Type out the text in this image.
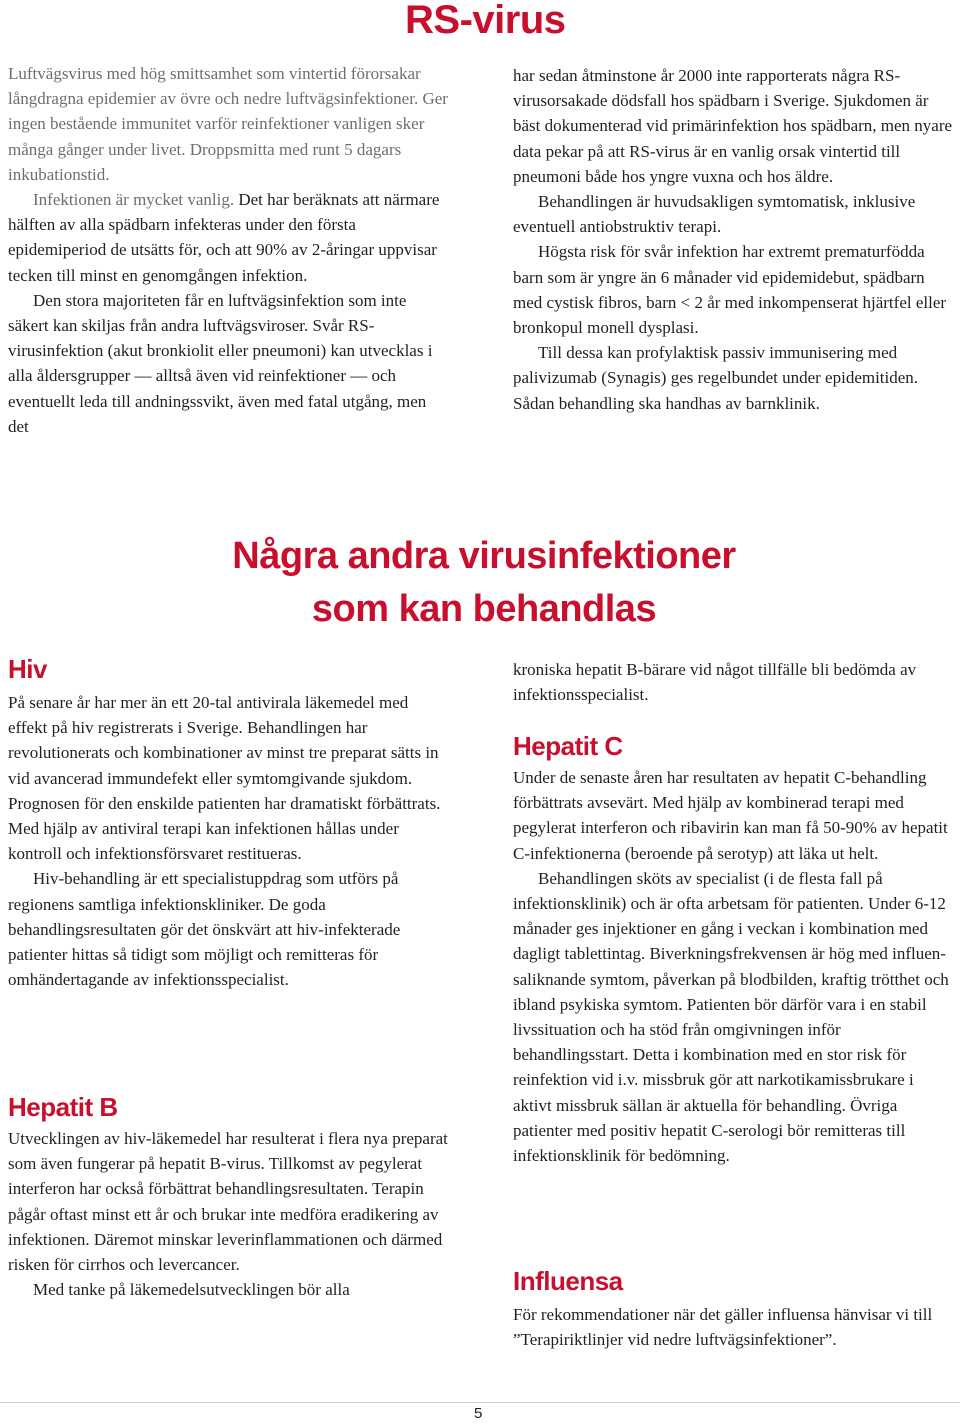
RS-virus

Luftvägsvirus med hög smittsamhet som vintertid förorsakar långdragna epidemier av övre och nedre luftvägsinfektioner. Ger ingen bestående immunitet varför reinfektioner vanligen sker många gånger under livet. Droppsmitta med runt 5 dagars inkubationstid.

Infektionen är mycket vanlig. Det har beräknats att närmare hälften av alla spädbarn infekteras under den första epidemiperiod de utsätts för, och att 90% av 2-åringar uppvisar tecken till minst en genomgången infektion.

Den stora majoriteten får en luftvägsinfektion som inte säkert kan skiljas från andra luftvägsvirоser. Svår RS-virusinfektion (akut bronkiolit eller pneumoni) kan utvecklas i alla åldersgrupper — alltså även vid reinfektioner — och eventuellt leda till andningssvikt, även med fatal utgång, men det

har sedan åtminstone år 2000 inte rapporterats några RS-virusorsakade dödsfall hos spädbarn i Sverige. Sjukdomen är bäst dokumenterad vid primärinfektion hos spädbarn, men nyare data pekar på att RS-virus är en vanlig orsak vintertid till pneumoni både hos yngre vuxna och hos äldre.

Behandlingen är huvudsakligen symtomatisk, inklusive eventuell antiobstruktiv terapi.

Högsta risk för svår infektion har extremt prematurfödda barn som är yngre än 6 månader vid epidemidebut, spädbarn med cystisk fibros, barn < 2 år med inkompenserat hjärtfel eller bronkopul monell dysplasi.

Till dessa kan profylaktisk passiv immunisering med palivizumab (Synagis) ges regelbundet under epidemitiden. Sådan behandling ska handhas av barnklinik.

Några andra virusinfektioner
som kan behandlas
Hiv

På senare år har mer än ett 20-tal antivirala läkemedel med effekt på hiv registrerats i Sverige. Behandlingen har revolutionerats och kombinationer av minst tre preparat sätts in vid avancerad immundefekt eller symtomgivande sjukdom. Prognosen för den enskilde patienten har dramatiskt förbättrats. Med hjälp av antiviral terapi kan infektionen hållas under kontroll och infektionsförsvaret restitueras.

Hiv-behandling är ett specialistuppdrag som utförs på regionens samtliga infektionskliniker. De goda behandlingsresultaten gör det önskvärt att hiv-infekterade patienter hittas så tidigt som möjligt och remitteras för omhändertagande av infektionsspecialist.

Hepatit B

Utvecklingen av hiv-läkemedel har resulterat i flera nya preparat som även fungerar på hepatit B-virus. Tillkomst av pegylerat interferon har också förbättrat behandlingsresultaten. Terapin pågår oftast minst ett år och brukar inte medföra eradikering av infektionen. Däremot minskar leverinflammationen och därmed risken för cirrhos och levercancer.

Med tanke på läkemedelsutvecklingen bör alla

kroniska hepatit B-bärare vid något tillfälle bli bedömda av infektionsspecialist.

Hepatit C

Under de senaste åren har resultaten av hepatit C-behandling förbättrats avsevärt. Med hjälp av kombinerad terapi med pegylerat interferon och ribavirin kan man få 50-90% av hepatit C-infektionerna (beroende på serotyp) att läka ut helt.

Behandlingen sköts av specialist (i de flesta fall på infektionsklinik) och är ofta arbetsam för patienten. Under 6-12 månader ges injektioner en gång i veckan i kombination med dagligt tablettintag. Biverkningsfrekvensen är hög med influensaliknande symtom, påverkan på blodbilden, kraftig trötthet och ibland psykiska symtom. Patienten bör därför vara i en stabil livssituation och ha stöd från omgivningen inför behandlingsstart. Detta i kombination med en stor risk för reinfektion vid i.v. missbruk gör att narkotikamissbrukare i aktivt missbruk sällan är aktuella för behandling. Övriga patienter med positiv hepatit C-serologi bör remitteras till infektionsklinik för bedömning.

Influensa

För rekommendationer när det gäller influensa hänvisar vi till ”Terapiriktlinjer vid nedre luftvägsinfektioner”.

5
